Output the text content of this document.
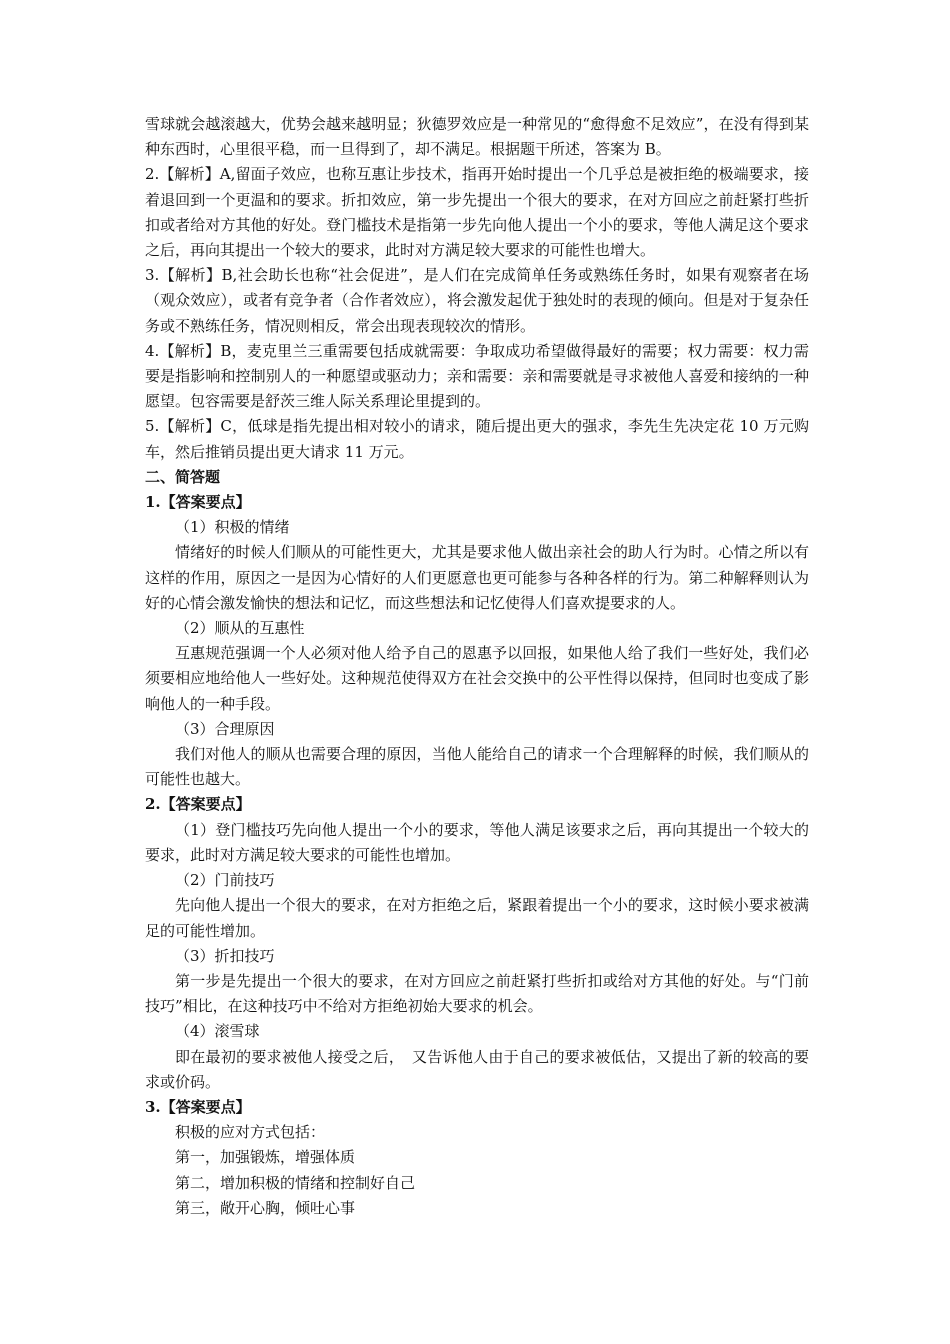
雪球就会越滚越大，优势会越来越明显；狄德罗效应是一种常见的“愈得愈不足效应”，在没有得到某种东西时，心里很平稳，而一旦得到了，却不满足。根据题干所述，答案为 B。

2.【解析】A,留面子效应，也称互惠让步技术，指再开始时提出一个几乎总是被拒绝的极端要求，接着退回到一个更温和的要求。折扣效应，第一步先提出一个很大的要求，在对方回应之前赶紧打些折扣或者给对方其他的好处。登门槛技术是指第一步先向他人提出一个小的要求，等他人满足这个要求之后，再向其提出一个较大的要求，此时对方满足较大要求的可能性也增大。

3.【解析】B,社会助长也称“社会促进”，是人们在完成简单任务或熟练任务时，如果有观察者在场（观众效应），或者有竞争者（合作者效应），将会激发起优于独处时的表现的倾向。但是对于复杂任务或不熟练任务，情况则相反，常会出现表现较次的情形。

4.【解析】B，麦克里兰三重需要包括成就需要：争取成功希望做得最好的需要；权力需要：权力需要是指影响和控制别人的一种愿望或驱动力；亲和需要：亲和需要就是寻求被他人喜爱和接纳的一种愿望。包容需要是舒茨三维人际关系理论里提到的。

5.【解析】C，低球是指先提出相对较小的请求，随后提出更大的强求，李先生先决定花 10 万元购车，然后推销员提出更大请求 11 万元。

二、简答题

1.【答案要点】

（1）积极的情绪

情绪好的时候人们顺从的可能性更大，尤其是要求他人做出亲社会的助人行为时。心情之所以有这样的作用，原因之一是因为心情好的人们更愿意也更可能参与各种各样的行为。第二种解释则认为好的心情会激发愉快的想法和记忆，而这些想法和记忆使得人们喜欢提要求的人。

（2）顺从的互惠性

互惠规范强调一个人必须对他人给予自己的恩惠予以回报，如果他人给了我们一些好处，我们必须要相应地给他人一些好处。这种规范使得双方在社会交换中的公平性得以保持，但同时也变成了影响他人的一种手段。

（3）合理原因

我们对他人的顺从也需要合理的原因，当他人能给自己的请求一个合理解释的时候，我们顺从的可能性也越大。

2.【答案要点】

（1）登门槛技巧先向他人提出一个小的要求，等他人满足该要求之后，再向其提出一个较大的要求，此时对方满足较大要求的可能性也增加。

（2）门前技巧

先向他人提出一个很大的要求，在对方拒绝之后，紧跟着提出一个小的要求，这时候小要求被满足的可能性增加。

（3）折扣技巧

第一步是先提出一个很大的要求，在对方回应之前赶紧打些折扣或给对方其他的好处。与“门前技巧”相比，在这种技巧中不给对方拒绝初始大要求的机会。

（4）滚雪球

即在最初的要求被他人接受之后，　又告诉他人由于自己的要求被低估，又提出了新的较高的要求或价码。

3.【答案要点】

积极的应对方式包括：

第一，加强锻炼，增强体质

第二，增加积极的情绪和控制好自己

第三，敞开心胸，倾吐心事
